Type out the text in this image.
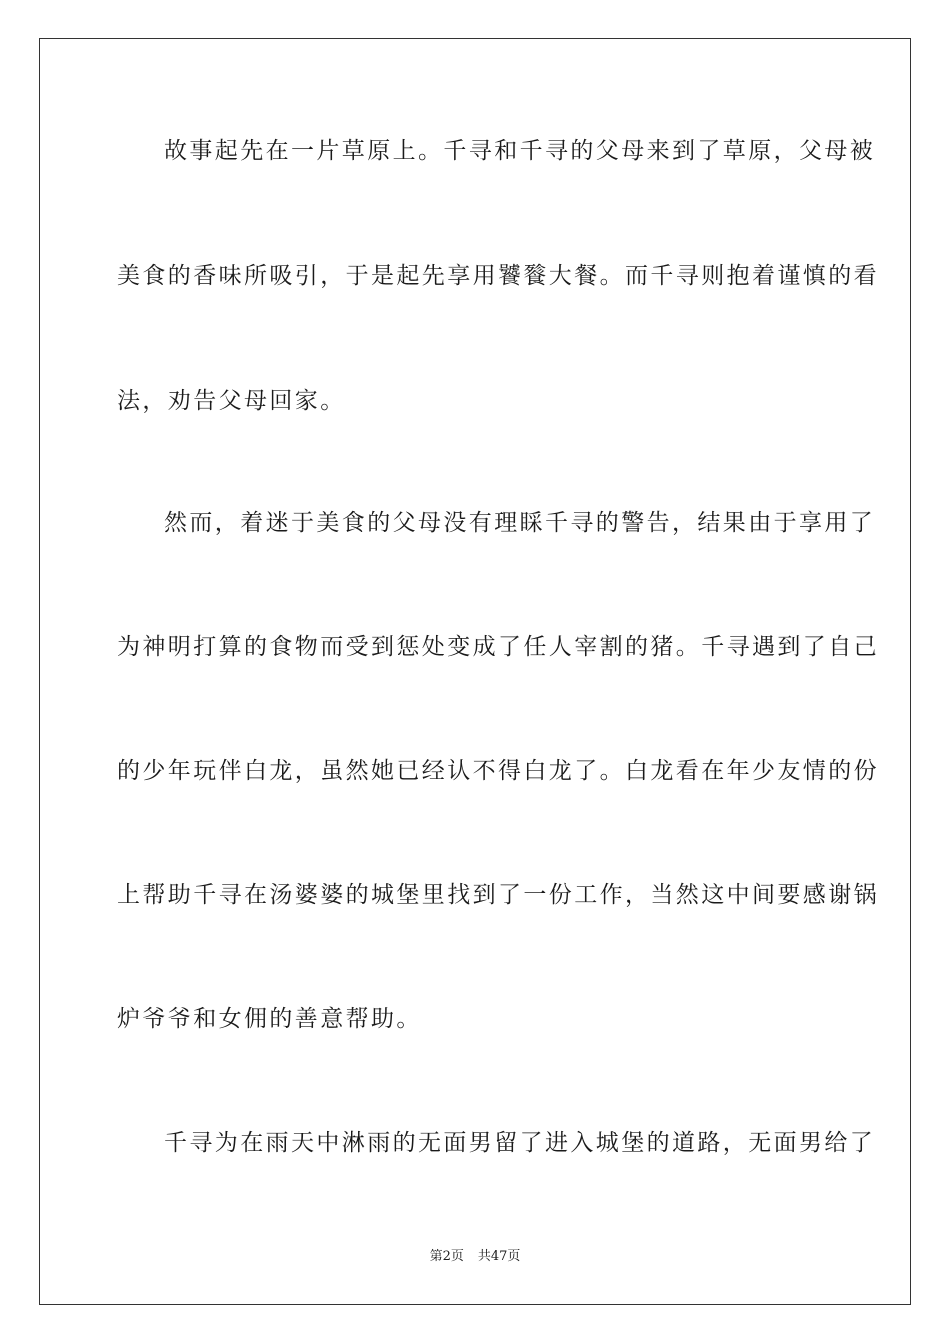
故事起先在一片草原上。千寻和千寻的父母来到了草原，父母被
美食的香味所吸引，于是起先享用饕餮大餐。而千寻则抱着谨慎的看
法，劝告父母回家。
然而，着迷于美食的父母没有理睬千寻的警告，结果由于享用了
为神明打算的食物而受到惩处变成了任人宰割的猪。千寻遇到了自己
的少年玩伴白龙，虽然她已经认不得白龙了。白龙看在年少友情的份
上帮助千寻在汤婆婆的城堡里找到了一份工作，当然这中间要感谢锅
炉爷爷和女佣的善意帮助。
千寻为在雨天中淋雨的无面男留了进入城堡的道路，无面男给了
第2页 共47页
